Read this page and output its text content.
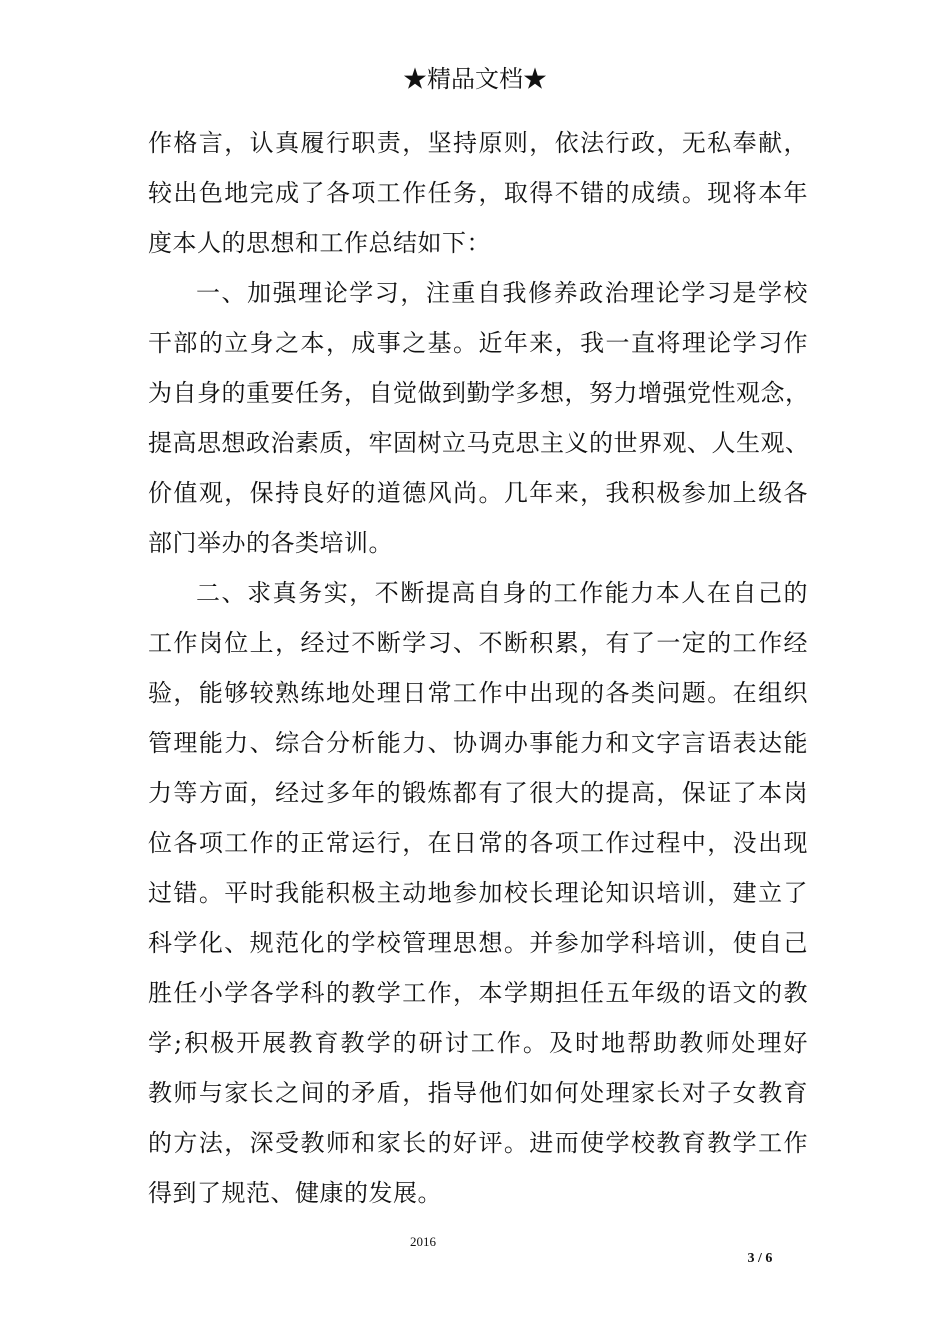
★精品文档★
作格言，认真履行职责，坚持原则，依法行政，无私奉献，
较出色地完成了各项工作任务，取得不错的成绩。现将本年
度本人的思想和工作总结如下：
一、加强理论学习，注重自我修养政治理论学习是学校
干部的立身之本，成事之基。近年来，我一直将理论学习作
为自身的重要任务，自觉做到勤学多想，努力增强党性观念，
提高思想政治素质，牢固树立马克思主义的世界观、人生观、
价值观，保持良好的道德风尚。几年来，我积极参加上级各
部门举办的各类培训。
二、求真务实，不断提高自身的工作能力本人在自己的
工作岗位上，经过不断学习、不断积累，有了一定的工作经
验，能够较熟练地处理日常工作中出现的各类问题。在组织
管理能力、综合分析能力、协调办事能力和文字言语表达能
力等方面，经过多年的锻炼都有了很大的提高，保证了本岗
位各项工作的正常运行，在日常的各项工作过程中，没出现
过错。平时我能积极主动地参加校长理论知识培训，建立了
科学化、规范化的学校管理思想。并参加学科培训，使自己
胜任小学各学科的教学工作，本学期担任五年级的语文的教
学;积极开展教育教学的研讨工作。及时地帮助教师处理好
教师与家长之间的矛盾，指导他们如何处理家长对子女教育
的方法，深受教师和家长的好评。进而使学校教育教学工作
得到了规范、健康的发展。
2016
3 / 6
